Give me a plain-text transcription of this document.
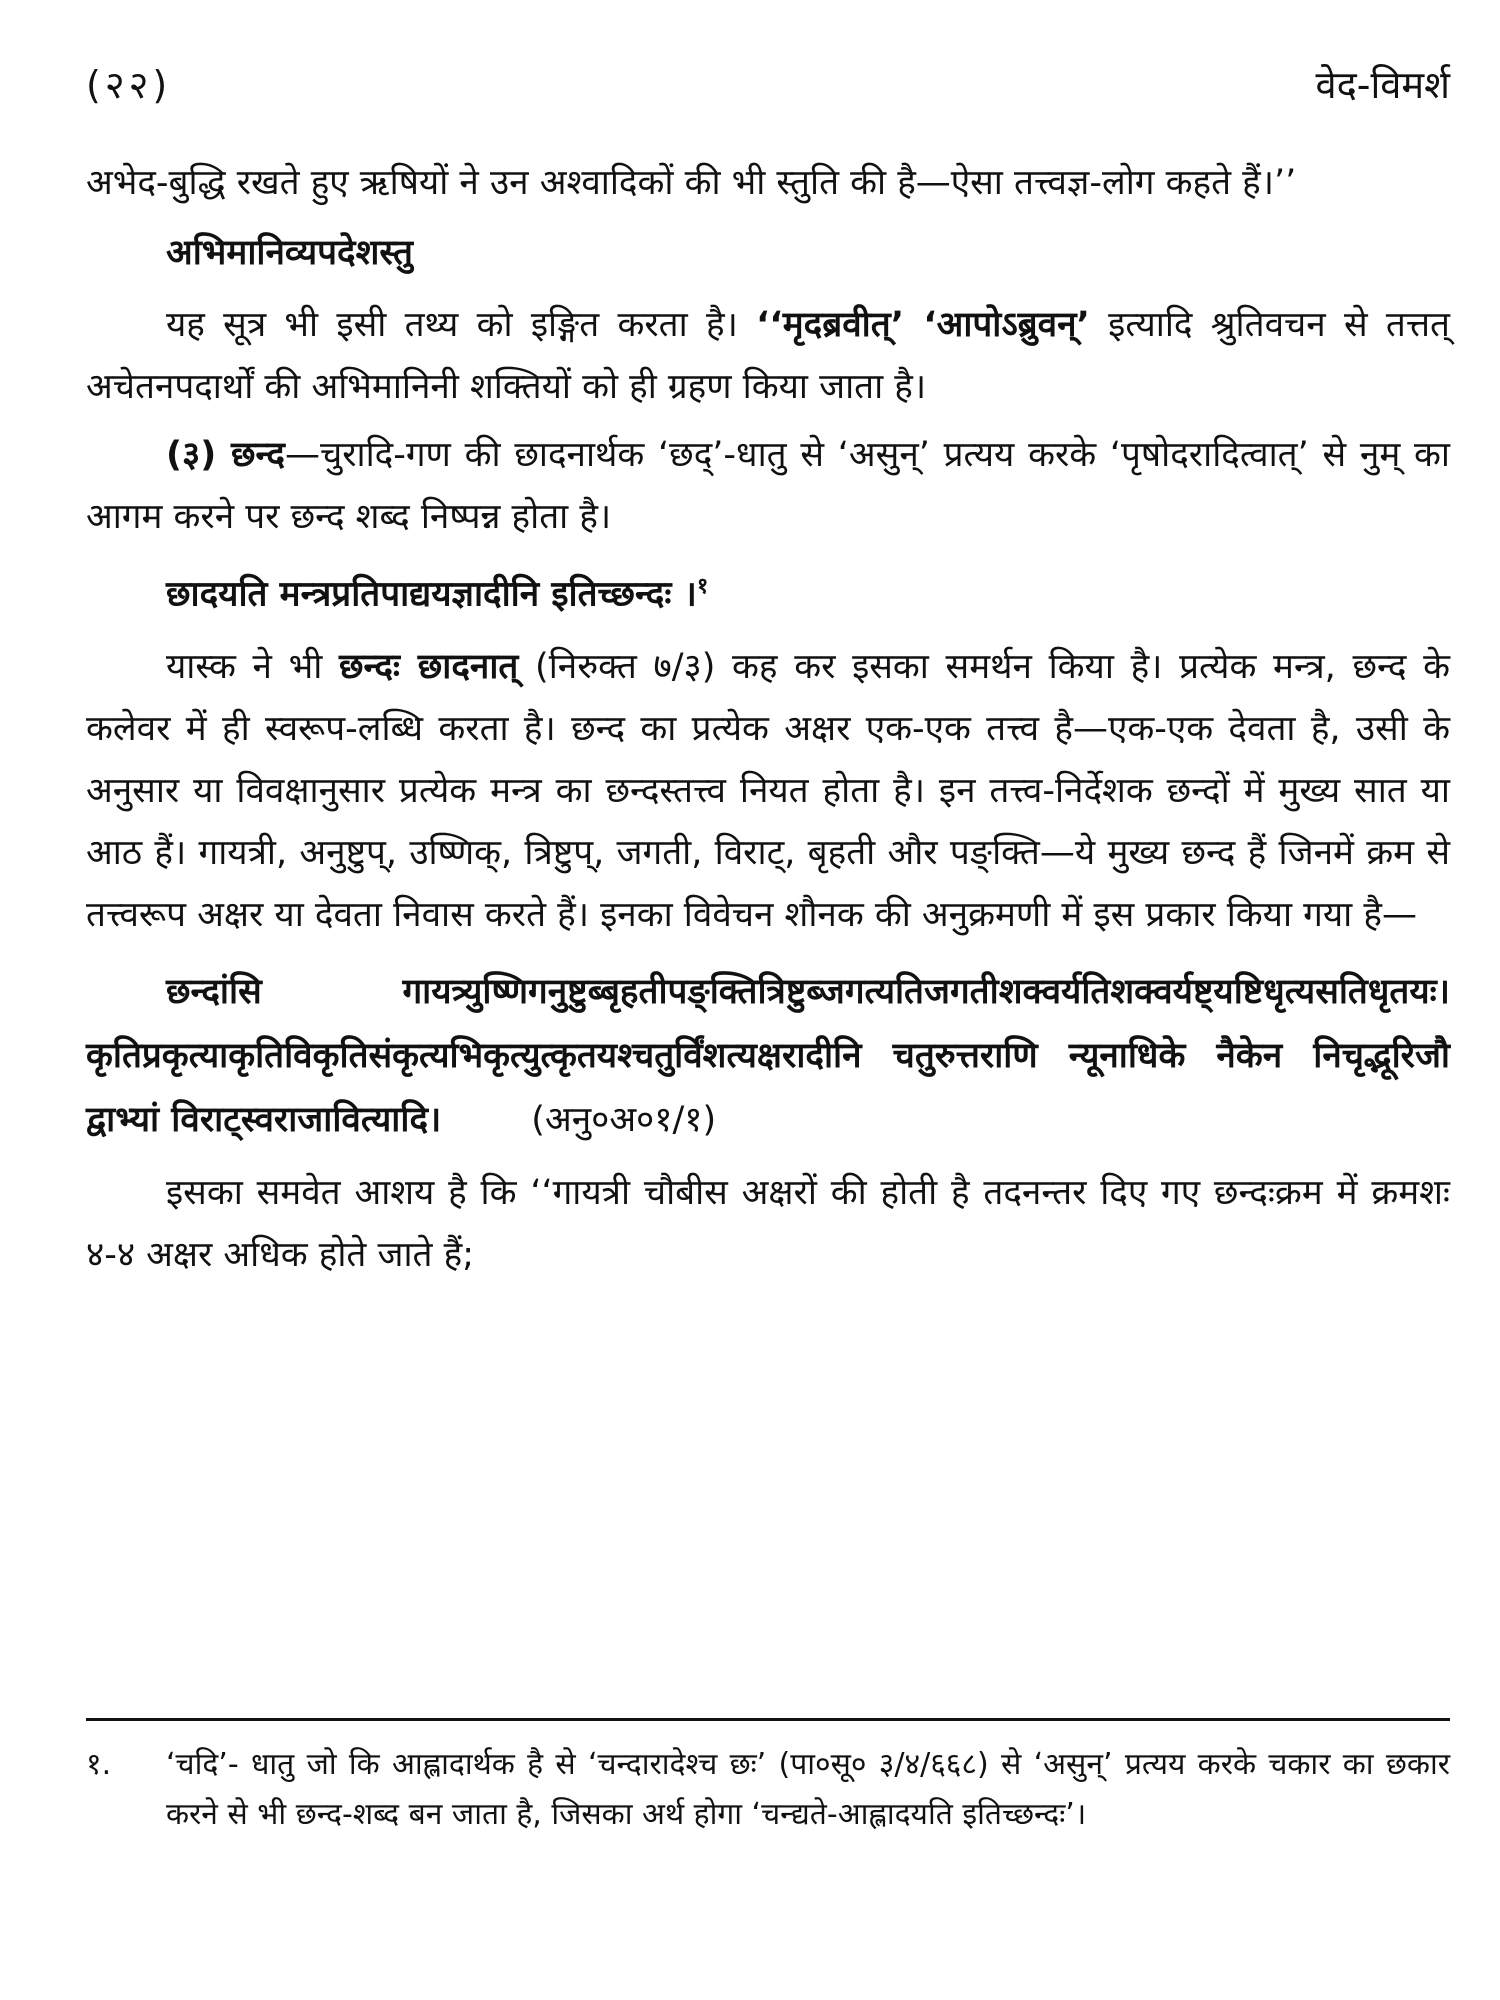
(२२)	वेद-विमर्श

अभेद-बुद्धि रखते हुए ऋषियों ने उन अश्वादिकों की भी स्तुति की है—ऐसा तत्त्वज्ञ-लोग कहते हैं।’’

अभिमानिव्यपदेशस्तु

यह सूत्र भी इसी तथ्य को इङ्गित करता है। ‘‘मृदब्रवीत्’ ‘आपोऽब्रुवन्’ इत्यादि श्रुतिवचन से तत्तत् अचेतनपदार्थों की अभिमानिनी शक्तियों को ही ग्रहण किया जाता है।

(३) छन्द—चुरादि-गण की छादनार्थक ‘छद्’-धातु से ‘असुन्’ प्रत्यय करके ‘पृषोदरादित्वात्’ से नुम् का आगम करने पर छन्द शब्द निष्पन्न होता है।

छादयति मन्त्रप्रतिपाद्ययज्ञादीनि इतिच्छन्दः ।$^१$

यास्क ने भी छन्दः छादनात् (निरुक्त ७/३) कह कर इसका समर्थन किया है। प्रत्येक मन्त्र, छन्द के कलेवर में ही स्वरूप-लब्धि करता है। छन्द का प्रत्येक अक्षर एक-एक तत्त्व है—एक-एक देवता है, उसी के अनुसार या विवक्षानुसार प्रत्येक मन्त्र का छन्दस्तत्त्व नियत होता है। इन तत्त्व-निर्देशक छन्दों में मुख्य सात या आठ हैं। गायत्री, अनुष्टुप्, उष्णिक्, त्रिष्टुप्, जगती, विराट्, बृहती और पङ्क्ति—ये मुख्य छन्द हैं जिनमें क्रम से तत्त्वरूप अक्षर या देवता निवास करते हैं। इनका विवेचन शौनक की अनुक्रमणी में इस प्रकार किया गया है—

छन्दांसि गायत्र्युष्णिगनुष्टुब्बृहतीपङ्क्तित्रिष्टुब्जगत्यतिजगतीशक्वर्यतिशक्वर्यष्ट्यष्टिधृत्यसतिधृतयः। कृतिप्रकृत्याकृतिविकृतिसंकृत्यभिकृत्युत्कृतयश्चतुर्विंशत्यक्षरादीनि चतुरुत्तराणि न्यूनाधिके नैकेन निचृद्भूरिजौ द्वाभ्यां विराट्स्वराजावित्यादि।	(अनु०अ०१/१)

इसका समवेत आशय है कि ‘‘गायत्री चौबीस अक्षरों की होती है तदनन्तर दिए गए छन्दःक्रम में क्रमशः ४-४ अक्षर अधिक होते जाते हैं;

१.	‘चदि’- धातु जो कि आह्लादार्थक है से ‘चन्दारादेश्च छः’ (पा०सू० ३/४/६६८) से ‘असुन्’ प्रत्यय करके चकार का छकार करने से भी छन्द-शब्द बन जाता है, जिसका अर्थ होगा ‘चन्द्यते-आह्लादयति इतिच्छन्दः’।
